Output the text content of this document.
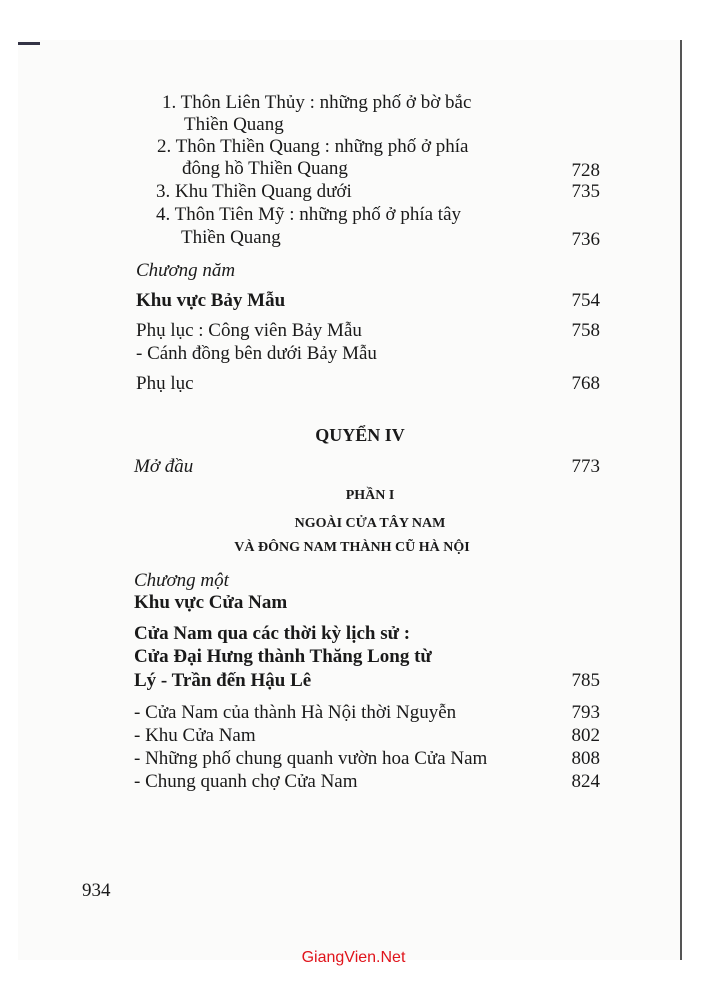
1. Thôn Liên Thủy : những phố ở bờ bắc
Thiền Quang
2. Thôn Thiền Quang : những phố ở phía
đông hồ Thiền Quang	728
3. Khu Thiền Quang dưới	735
4. Thôn Tiên Mỹ : những phố ở phía tây
Thiền Quang	736
Chương năm
Khu vực Bảy Mẫu	754
Phụ lục : Công viên Bảy Mẫu	758
- Cánh đồng bên dưới Bảy Mẫu
Phụ lục	768
QUYỂN IV
Mở đầu	773
PHẦN I
NGOÀI CỬA TÂY NAM
VÀ ĐÔNG NAM THÀNH CŨ HÀ NỘI
Chương một
Khu vực Cửa Nam
Cửa Nam qua các thời kỳ lịch sử :
Cửa Đại Hưng thành Thăng Long từ
Lý - Trần đến Hậu Lê	785
- Cửa Nam của thành Hà Nội thời Nguyễn	793
- Khu Cửa Nam	802
- Những phố chung quanh vườn hoa Cửa Nam	808
- Chung quanh chợ Cửa Nam	824
934
GiangVien.Net
